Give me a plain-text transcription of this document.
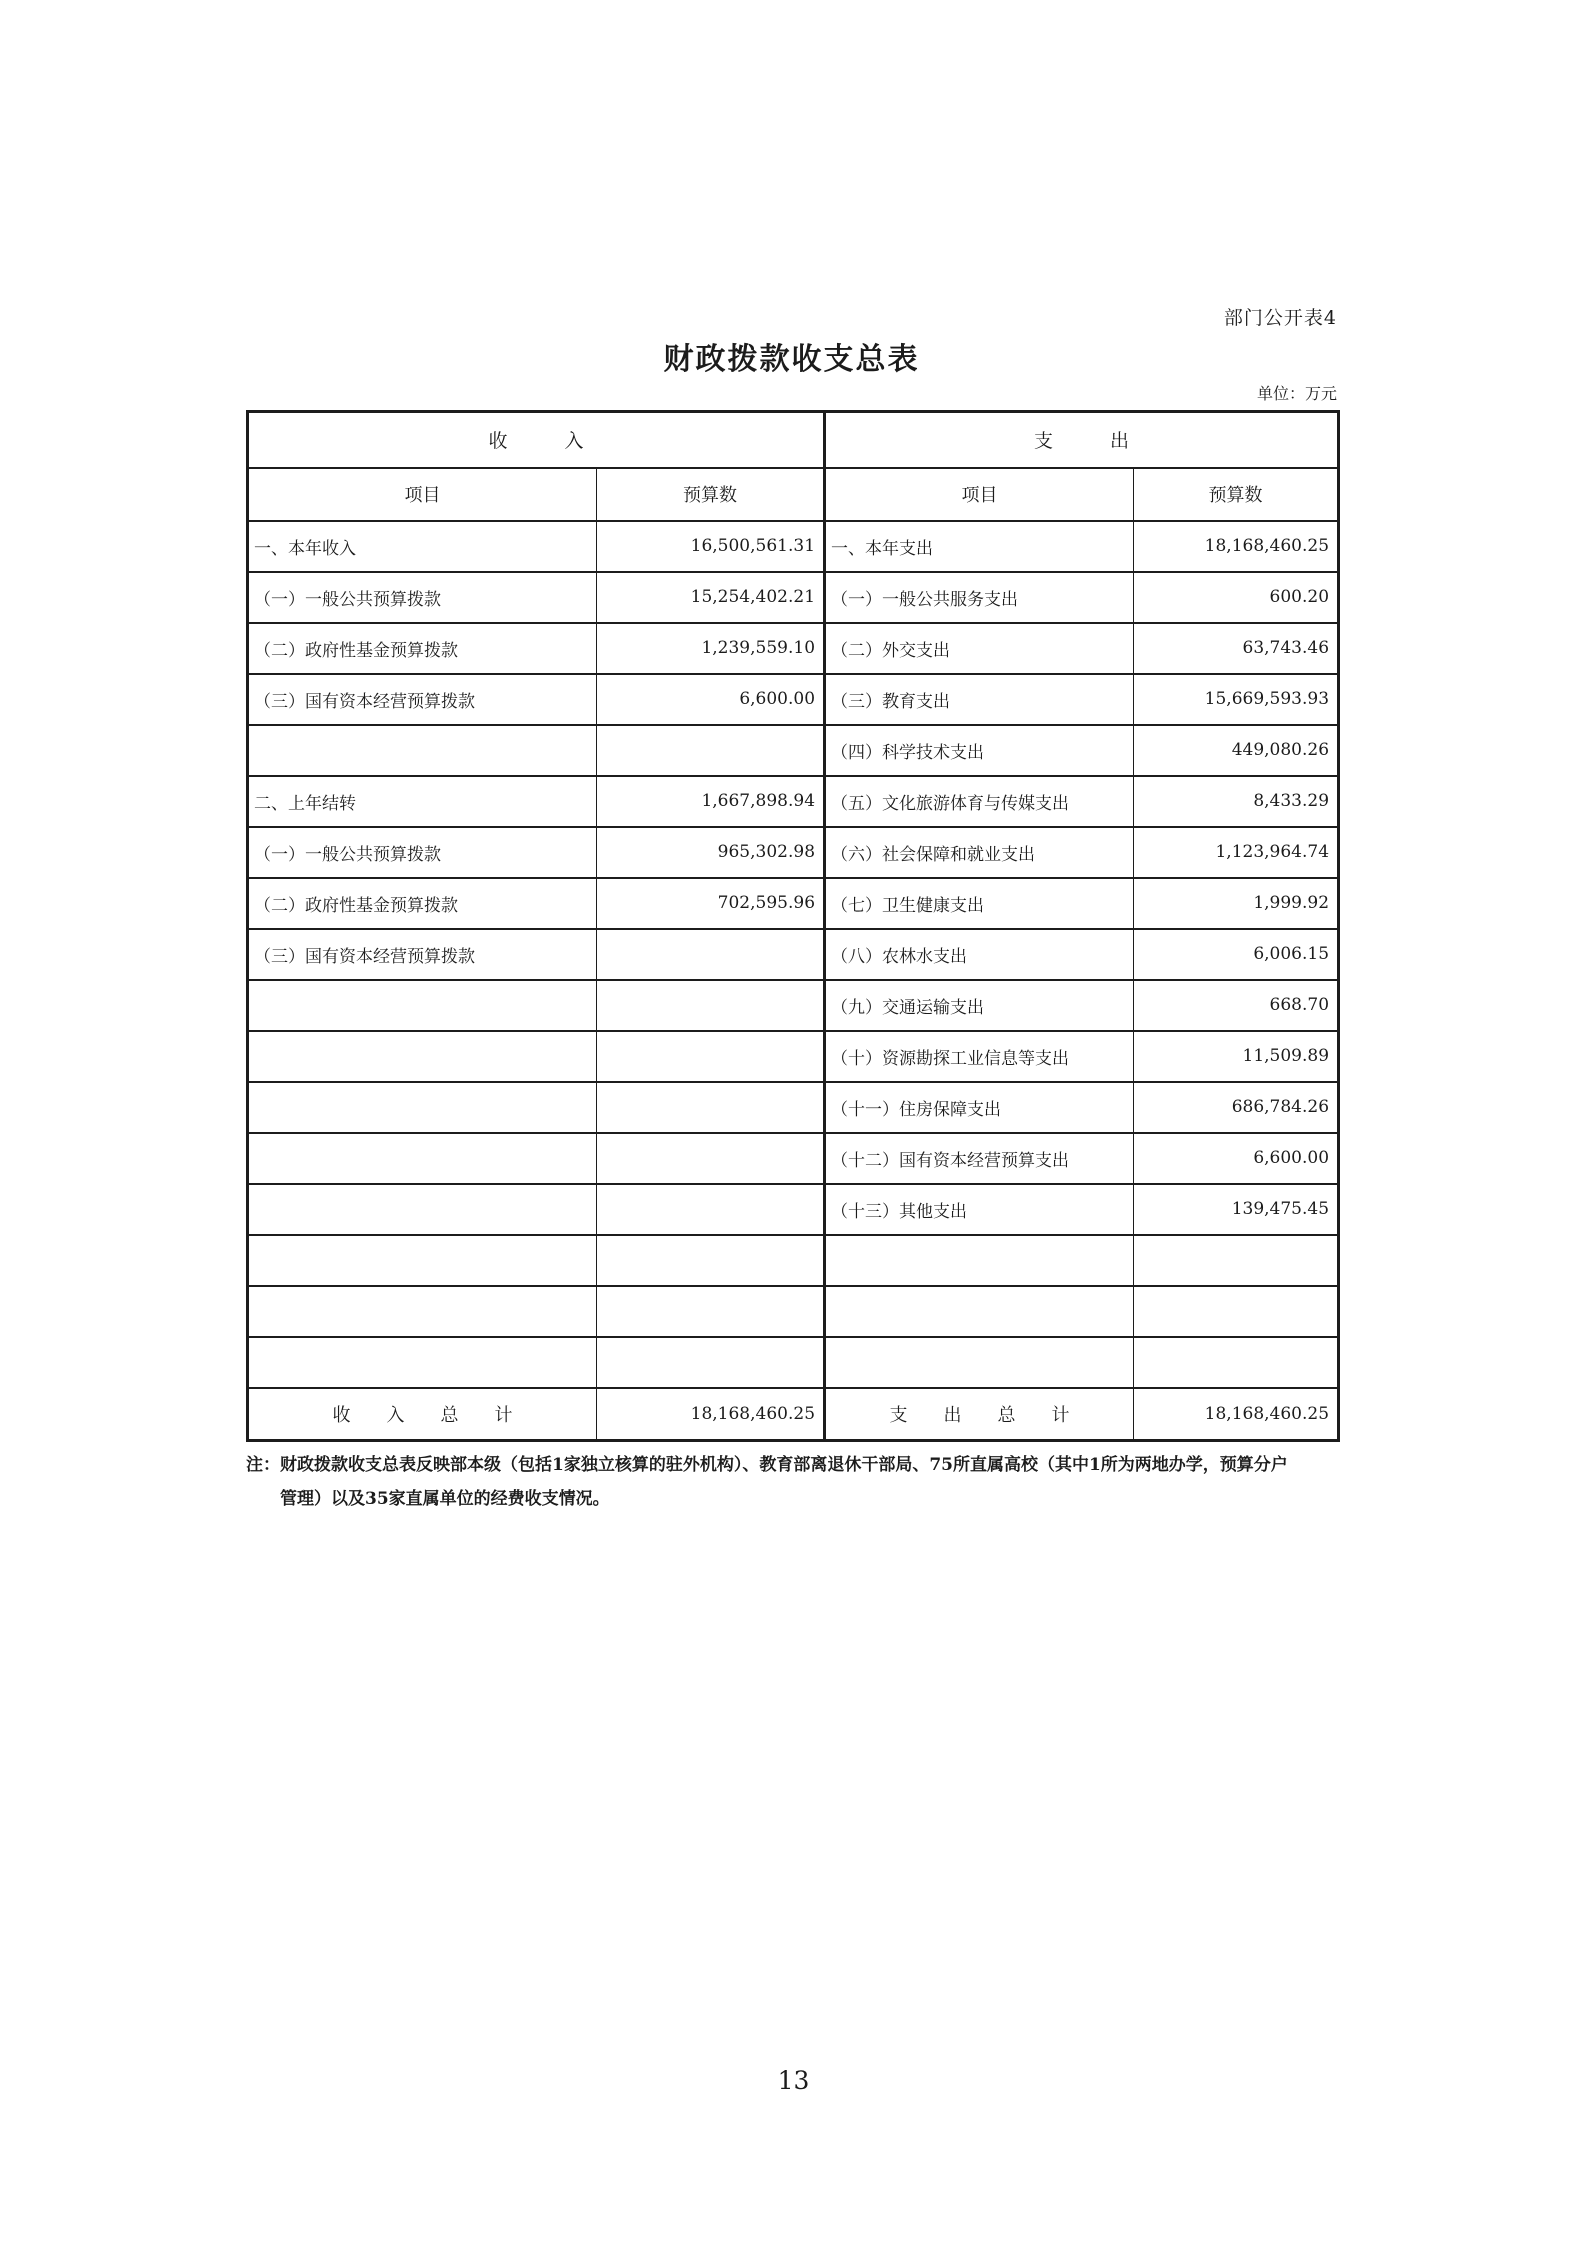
部门公开表4
财政拨款收支总表
单位：万元
收　　　入		支　　　出	
项目	预算数	项目	预算数
一、本年收入	16,500,561.31	一、本年支出	18,168,460.25
（一）一般公共预算拨款	15,254,402.21	（一）一般公共服务支出	600.20
（二）政府性基金预算拨款	1,239,559.10	（二）外交支出	63,743.46
（三）国有资本经营预算拨款	6,600.00	（三）教育支出	15,669,593.93
		（四）科学技术支出	449,080.26
二、上年结转	1,667,898.94	（五）文化旅游体育与传媒支出	8,433.29
（一）一般公共预算拨款	965,302.98	（六）社会保障和就业支出	1,123,964.74
（二）政府性基金预算拨款	702,595.96	（七）卫生健康支出	1,999.92
（三）国有资本经营预算拨款		（八）农林水支出	6,006.15
		（九）交通运输支出	668.70
		（十）资源勘探工业信息等支出	11,509.89
		（十一）住房保障支出	686,784.26
		（十二）国有资本经营预算支出	6,600.00
		（十三）其他支出	139,475.45

收　　入　　总　　计	18,168,460.25	支　　出　　总　　计	18,168,460.25
注： 财政拨款收支总表反映部本级（包括1家独立核算的驻外机构）、教育部离退休干部局、75所直属高校（其中1所为两地办学，预算分户
管理）以及35家直属单位的经费收支情况。
13
